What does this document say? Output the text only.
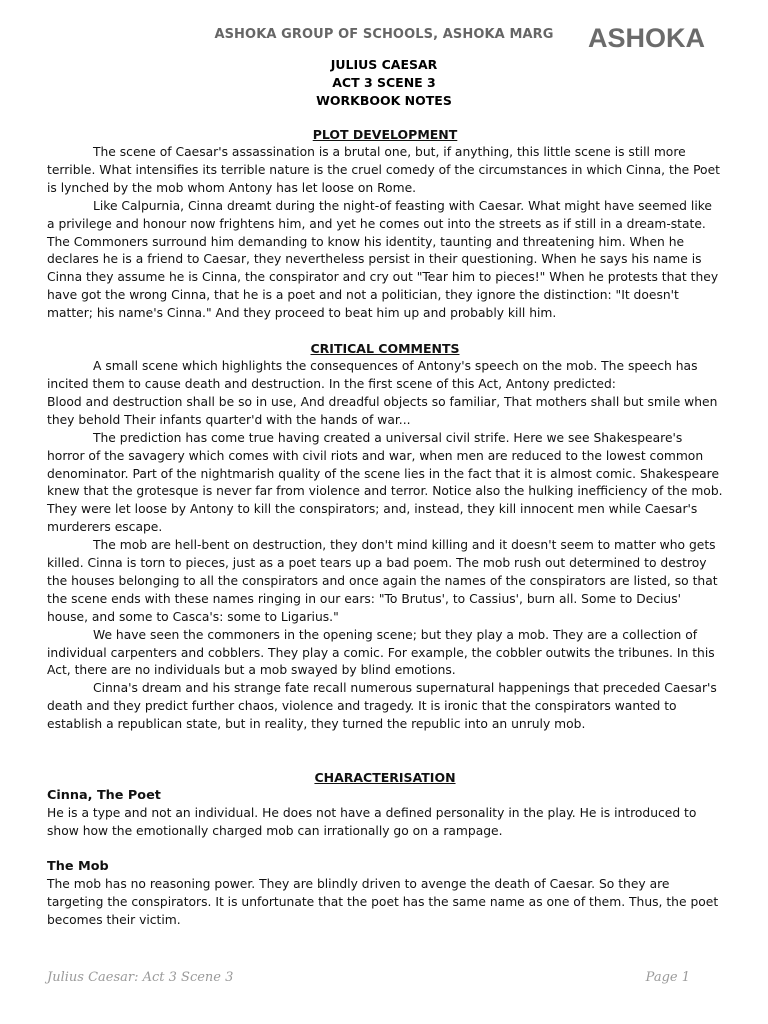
ASHOKA GROUP OF SCHOOLS, ASHOKA MARG	ASHOKA
JULIUS CAESAR
ACT 3 SCENE 3
WORKBOOK NOTES

PLOT DEVELOPMENT

The scene of Caesar's assassination is a brutal one, but, if anything, this little scene is still more terrible. What intensifies its terrible nature is the cruel comedy of the circumstances in which Cinna, the Poet is lynched by the mob whom Antony has let loose on Rome.

Like Calpurnia, Cinna dreamt during the night-of feasting with Caesar. What might have seemed like a privilege and honour now frightens him, and yet he comes out into the streets as if still in a dream-state. The Commoners surround him demanding to know his identity, taunting and threatening him. When he declares he is a friend to Caesar, they nevertheless persist in their questioning. When he says his name is Cinna they assume he is Cinna, the conspirator and cry out "Tear him to pieces!" When he protests that they have got the wrong Cinna, that he is a poet and not a politician, they ignore the distinction: "It doesn't matter; his name's Cinna." And they proceed to beat him up and probably kill him.

CRITICAL COMMENTS

A small scene which highlights the consequences of Antony's speech on the mob. The speech has incited them to cause death and destruction. In the first scene of this Act, Antony predicted:

Blood and destruction shall be so in use, And dreadful objects so familiar, That mothers shall but smile when they behold Their infants quarter'd with the hands of war...

The prediction has come true having created a universal civil strife. Here we see Shakespeare's horror of the savagery which comes with civil riots and war, when men are reduced to the lowest common denominator. Part of the nightmarish quality of the scene lies in the fact that it is almost comic. Shakespeare knew that the grotesque is never far from violence and terror. Notice also the hulking inefficiency of the mob. They were let loose by Antony to kill the conspirators; and, instead, they kill innocent men while Caesar's murderers escape.

The mob are hell-bent on destruction, they don't mind killing and it doesn't seem to matter who gets killed. Cinna is torn to pieces, just as a poet tears up a bad poem. The mob rush out determined to destroy the houses belonging to all the conspirators and once again the names of the conspirators are listed, so that the scene ends with these names ringing in our ears: "To Brutus', to Cassius', burn all. Some to Decius' house, and some to Casca's: some to Ligarius."

We have seen the commoners in the opening scene; but they play a mob. They are a collection of individual carpenters and cobblers. They play a comic. For example, the cobbler outwits the tribunes. In this Act, there are no individuals but a mob swayed by blind emotions.

Cinna's dream and his strange fate recall numerous supernatural happenings that preceded Caesar's death and they predict further chaos, violence and tragedy. It is ironic that the conspirators wanted to establish a republican state, but in reality, they turned the republic into an unruly mob.

CHARACTERISATION

Cinna, The Poet

He is a type and not an individual. He does not have a defined personality in the play. He is introduced to show how the emotionally charged mob can irrationally go on a rampage.

The Mob

The mob has no reasoning power. They are blindly driven to avenge the death of Caesar. So they are targeting the conspirators. It is unfortunate that the poet has the same name as one of them. Thus, the poet becomes their victim.

Julius Caesar: Act 3 Scene 3	Page 1
